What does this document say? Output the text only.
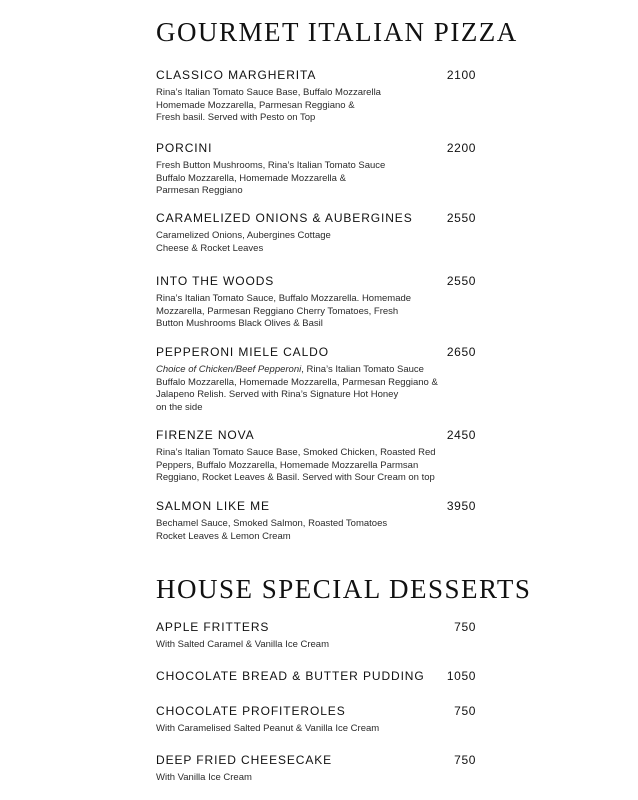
GOURMET ITALIAN PIZZA
CLASSICO MARGHERITA	2100
Rina’s Italian Tomato Sauce Base, Buffalo Mozzarella
Homemade Mozzarella, Parmesan Reggiano &
Fresh basil. Served with Pesto on Top
PORCINI	2200
Fresh Button Mushrooms, Rina’s Italian Tomato Sauce
Buffalo Mozzarella, Homemade Mozzarella &
Parmesan Reggiano
CARAMELIZED ONIONS & AUBERGINES	2550
Caramelized Onions, Aubergines Cottage
Cheese & Rocket Leaves
INTO THE WOODS	2550
Rina’s Italian Tomato Sauce, Buffalo Mozzarella. Homemade
Mozzarella, Parmesan Reggiano Cherry Tomatoes, Fresh
Button Mushrooms Black Olives & Basil
PEPPERONI MIELE CALDO	2650
Choice of Chicken/Beef Pepperoni, Rina’s Italian Tomato Sauce
Buffalo Mozzarella, Homemade Mozzarella, Parmesan Reggiano &
Jalapeno Relish. Served with Rina’s Signature Hot Honey
on the side
FIRENZE NOVA	2450
Rina’s Italian Tomato Sauce Base, Smoked Chicken, Roasted Red
Peppers, Buffalo Mozzarella, Homemade Mozzarella Parmsan
Reggiano, Rocket Leaves & Basil. Served with Sour Cream on top
SALMON LIKE ME	3950
Bechamel Sauce, Smoked Salmon, Roasted Tomatoes
Rocket Leaves & Lemon Cream
HOUSE SPECIAL DESSERTS
APPLE FRITTERS	750
With Salted Caramel & Vanilla Ice Cream
CHOCOLATE BREAD & BUTTER PUDDING 1050
CHOCOLATE PROFITEROLES	750
With Caramelised Salted Peanut & Vanilla Ice Cream
DEEP FRIED CHEESECAKE	750
With Vanilla Ice Cream
